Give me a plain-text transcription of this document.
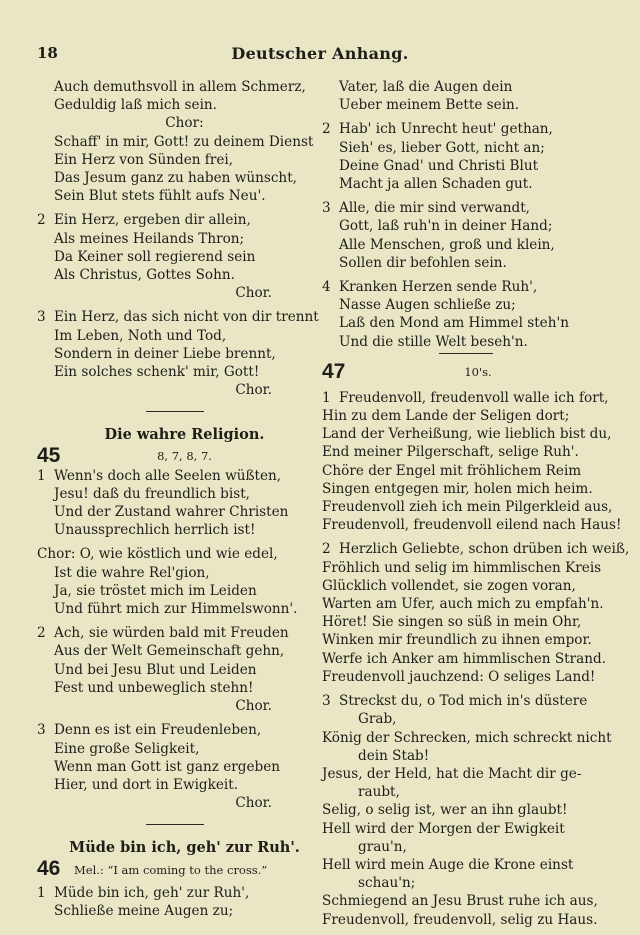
18	Deutscher Anhang.
Auch demuthsvoll in allem Schmerz,
Geduldig laß mich sein.
Chor:
Schaff' in mir, Gott! zu deinem Dienst
Ein Herz von Sünden frei,
Das Jesum ganz zu haben wünscht,
Sein Blut stets fühlt aufs Neu'.
2 Ein Herz, ergeben dir allein,
Als meines Heilands Thron;
Da Keiner soll regierend sein
Als Christus, Gottes Sohn.
Chor.
3 Ein Herz, das sich nicht von dir trennt
Im Leben, Noth und Tod,
Sondern in deiner Liebe brennt,
Ein solches schenk' mir, Gott!
Chor.
Die wahre Religion.
45	8, 7, 8, 7.
1 Wenn's doch alle Seelen wüßten,
Jesu! daß du freundlich bist,
Und der Zustand wahrer Christen
Unaussprechlich herrlich ist!
Chor: O, wie köstlich und wie edel,
Ist die wahre Rel'gion,
Ja, sie tröstet mich im Leiden
Und führt mich zur Himmelswonn'.
2 Ach, sie würden bald mit Freuden
Aus der Welt Gemeinschaft gehn,
Und bei Jesu Blut und Leiden
Fest und unbeweglich stehn!
Chor.
3 Denn es ist ein Freudenleben,
Eine große Seligkeit,
Wenn man Gott ist ganz ergeben
Hier, und dort in Ewigkeit.
Chor.
Müde bin ich, geh' zur Ruh'.
46 Mel.: “I am coming to the cross.”
1 Müde bin ich, geh' zur Ruh',
Schließe meine Augen zu;
Vater, laß die Augen dein
Ueber meinem Bette sein.
2 Hab' ich Unrecht heut' gethan,
Sieh' es, lieber Gott, nicht an;
Deine Gnad' und Christi Blut
Macht ja allen Schaden gut.
3 Alle, die mir sind verwandt,
Gott, laß ruh'n in deiner Hand;
Alle Menschen, groß und klein,
Sollen dir befohlen sein.
4 Kranken Herzen sende Ruh',
Nasse Augen schließe zu;
Laß den Mond am Himmel steh'n
Und die stille Welt beseh'n.
47	10's.
1 Freudenvoll, freudenvoll walle ich fort,
Hin zu dem Lande der Seligen dort;
Land der Verheißung, wie lieblich bist du,
End meiner Pilgerschaft, selige Ruh'.
Chöre der Engel mit fröhlichem Reim
Singen entgegen mir, holen mich heim.
Freudenvoll zieh ich mein Pilgerkleid aus,
Freudenvoll, freudenvoll eilend nach Haus!
2 Herzlich Geliebte, schon drüben ich weiß,
Fröhlich und selig im himmlischen Kreis
Glücklich vollendet, sie zogen voran,
Warten am Ufer, auch mich zu empfah'n.
Höret! Sie singen so süß in mein Ohr,
Winken mir freundlich zu ihnen empor.
Werfe ich Anker am himmlischen Strand.
Freudenvoll jauchzend: O seliges Land!
3 Streckst du, o Tod mich in's düstere
Grab,
König der Schrecken, mich schreckt nicht
dein Stab!
Jesus, der Held, hat die Macht dir ge-
raubt,
Selig, o selig ist, wer an ihn glaubt!
Hell wird der Morgen der Ewigkeit
grau'n,
Hell wird mein Auge die Krone einst
schau'n;
Schmiegend an Jesu Brust ruhe ich aus,
Freudenvoll, freudenvoll, selig zu Haus.
